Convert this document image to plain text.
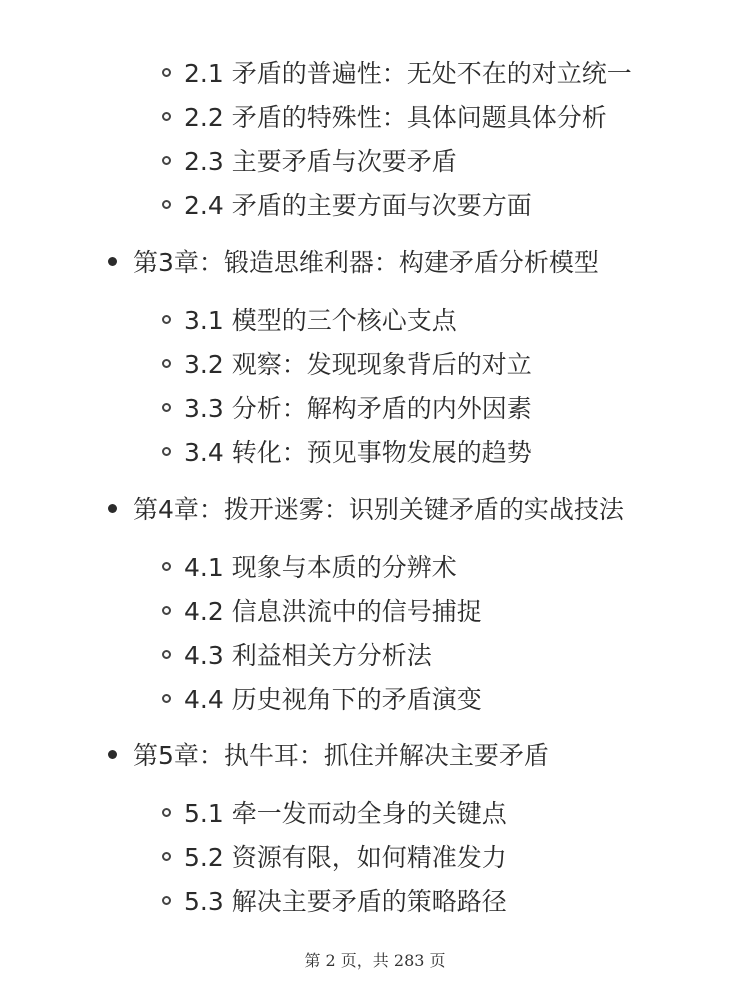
2.1 矛盾的普遍性：无处不在的对立统一
2.2 矛盾的特殊性：具体问题具体分析
2.3 主要矛盾与次要矛盾
2.4 矛盾的主要方面与次要方面
第3章：锻造思维利器：构建矛盾分析模型
3.1 模型的三个核心支点
3.2 观察：发现现象背后的对立
3.3 分析：解构矛盾的内外因素
3.4 转化：预见事物发展的趋势
第4章：拨开迷雾：识别关键矛盾的实战技法
4.1 现象与本质的分辨术
4.2 信息洪流中的信号捕捉
4.3 利益相关方分析法
4.4 历史视角下的矛盾演变
第5章：执牛耳：抓住并解决主要矛盾
5.1 牵一发而动全身的关键点
5.2 资源有限，如何精准发力
5.3 解决主要矛盾的策略路径
第 2 页，共 283 页
